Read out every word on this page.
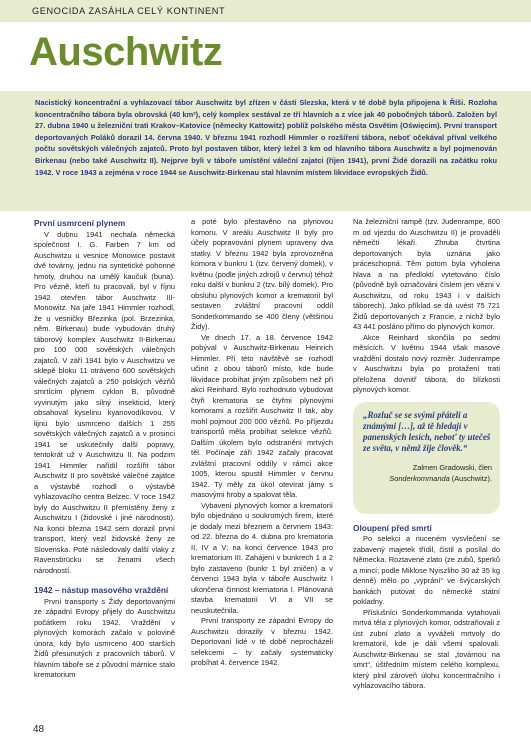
GENOCIDA ZASÁHLA CELÝ KONTINENT
Auschwitz

Nacistický koncentrační a vyhlazovací tábor Auschwitz byl zřízen v části Slezska, která v té době byla připojena k Říši. Rozloha koncentračního tábora byla obrovská (40 km²), celý komplex sestával ze tří hlavních a z více jak 40 pobočných táborů. Založen byl 27. dubna 1940 u železniční trati Krakov–Katovice (německy Kattowitz) poblíž polského města Osvětim (Oświęcim). První transport deportovaných Poláků dorazil 14. června 1940. V březnu 1941 rozhodl Himmler o rozšíření tábora, neboť očekával příval velkého počtu sovětských válečných zajatců. Proto byl postaven tábor, který ležel 3 km od hlavního tábora Auschwitz a byl pojmenován Birkenau (nebo také Auschwitz II). Nejprve byli v táboře umístění váleční zajatci (říjen 1941), první Židé dorazili na začátku roku 1942. V roce 1943 a zejména v roce 1944 se Auschwitz-Birkenau stal hlavním místem likvidace evropských Židů.

První usmrcení plynem

V dubnu 1941 nechala německá společnost I. G. Farben 7 km od Auschwitzu u vesnice Monowice postavit dvě továrny, jednu na syntetické pohonné hmoty, druhou na umělý kaučuk (buna). Pro vězně, kteří tu pracovali, byl v říjnu 1942 otevřen tábor Auschwitz III-Monowitz. Na jaře 1941 Himmler rozhodl, že u vesničky Březinka (pol. Brzezinka, něm. Birkenau) bude vybudován druhý táborový komplex Auschwitz II-Birkenau pro 100 000 sovětských válečných zajatců. V září 1941 bylo v Auschwitzu ve sklepě bloku 11 otráveno 600 sovětských válečných zajatců a 250 polských vězňů smrtícím plynem cyklon B, původně vyvinutým jako silný insekticid, který obsahoval kyselinu kyanovodíkovou. V lijnu bylo usmrceno dalších 1 255 sovětských válečných zajatců a v prosinci 1941 se uskutečnily další popravy, tentokrát už v Auschwitzu II. Na podzim 1941 Himmler nařídil rozšířit tábor Auschwitz II pro sovětské válečné zajatce a výstavbě rozhodl o výstavbě vyhlazovacího centra Belzec. V roce 1942 byly do Auschwitzu II přemístěny ženy z Auschwitzu I (židovské i jiné národnosti). Na konci března 1942 sem dorazil první transport, který vezl židovské ženy ze Slovenska. Poté následovaly další vlaky z Ravensbrücku se ženami všech národností.

1942 – nástup masového vraždění

První transporty s Židy deportovanými ze západní Evropy přijely do Auschwitzu počátkem roku 1942. Vraždění v plynových komorách začalo v polovině února, kdy bylo usmrceno 400 starších Židů přesunutých z pracovních táborů. V hlavním táboře se z původní márnice stalo krematorium

a poté bylo přestavěno na plynovou komoru. V areálu Auschwitz II byly pro účely popravování plynem upraveny dva statky. V březnu 1942 byla zprovozněna komora v bunkru 1 (tzv. červený domek), v květnu (podle jiných zdrojů v červnu) téhož roku další v bunkru 2 (tzv. bílý domek). Pro obsluhu plynových komor a krematorií byl sestaven zvláštní pracovní oddíl Sonderkommando se 400 členy (většinou Židy).

Ve dnech 17. a 18. července 1942 pobýval v Auschwitz-Birkenau Heinrich Himmler. Při této návštěvě se rozhodl učinit z obou táborů místo, kde bude likvidace probíhat jiným způsobem než při akci Reinhard. Bylo rozhodnuto vybudovat čtyři krematoria se čtyřmi plynovými komorami a rozšířit Auschwitz II tak, aby mohl pojmout 200 000 vězňů. Po příjezdu transportů měla probíhat selekce vězňů. Dalším úkolem bylo odstranění mrtvých těl. Počínaje září 1942 začaly pracovat zvláštní pracovní oddíly v rámci akce 1005, kterou spustil Himmler v červnu 1942. Ty měly za úkol otevírat jámy s masovými hroby a spalovat těla.

Vybavení plynových komor a krematorií bylo objednáno u soukromých firem, které je dodaly mezi březnem a červnem 1943: od 22. března do 4. dubna pro krematoria II, IV a V; na konci července 1943 pro krematorium III. Zahájení v bunkrech 1 a 2 bylo zastaveno (bunkr 1 byl zničen) a v červenci 1943 byla v táboře Auschwitz I ukončena činnost krematoria I. Plánovaná stavba krematorií VI a VII se neuskutečnila.

První transporty ze západní Evropy do Auschwitzu dorazily v březnu 1942. Deportovaní lidé v té době neprocházeli selekcemi – ty začaly systematicky probíhat 4. července 1942.

Na železniční rampě (tzv. Judenrampe, 800 m od vjezdu do Auschwitzu II) je prováděli němečtí lékaři. Zhruba čtvrtina deportovaných byla uznána jako práceschopná. Těm potom byla vyholena hlava a na předloktí vytetováno číslo (původně byli označováni číslem jen vězni v Auschwitzu, od roku 1943 i v dalších táborech). Jako příklad se dá uvést 75 721 Židů deportovaných z Francie, z nichž bylo 43 441 posláno přímo do plynových komor.

Akce Reinhard skončila po sedmi měsících. V květnu 1944 však masové vraždění dostalo nový rozměr. Judenrampe v Auschwitzu byla po protažení trati přeložena dovnitř tábora, do blízkosti plynových komor.

„Rozluč se se svými přáteli a známými […], až tě hledají v panenských lesích, neboť ty utečeš ze světa, v němž žije člověk.“
Zalmen Gradowski, člen
Sonderkommanda (Auschwitz).
Oloupení před smrtí

Po selekci a nuceném vysvlečení se zabavený majetek třídil, čistil a posílal do Německa. Roztavené zlato (ze zubů, šperků a mincí; podle Miklose Nyiszliho 30 až 35 kg denně) mělo po „vyprání“ ve švýcarských bankách putovat do německé státní pokladny.

Příslušníci Sonderkommanda vytahovali mrtvá těla z plynových komor, odstraňovali z úst zubní zlato a vyváželi mrtvoly do krematorií, kde je dáli všemi spalovali. Auschwitz-Birkenau se stal „továrnou na smrt“, úštředním místem celého komplexu, který plnil zároveň úlohu koncentračního i vyhlazovacího tábora.

48
